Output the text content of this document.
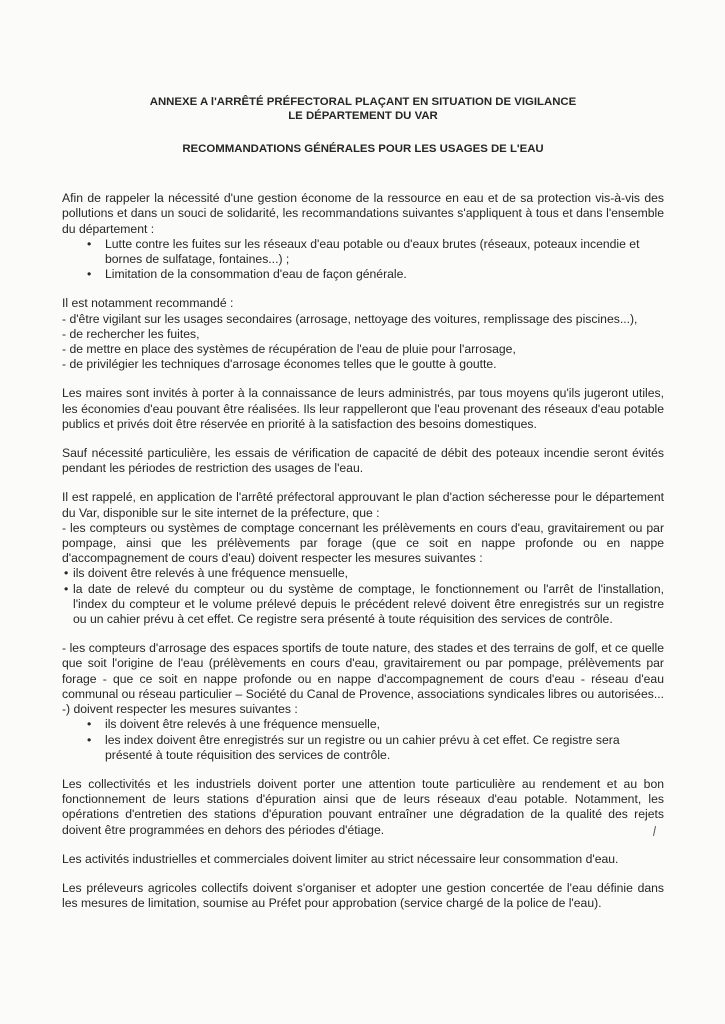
ANNEXE A l'ARRÊTÉ PRÉFECTORAL PLAÇANT EN SITUATION DE VIGILANCE

LE DÉPARTEMENT DU VAR

RECOMMANDATIONS GÉNÉRALES POUR LES USAGES DE L'EAU

Afin de rappeler la nécessité d'une gestion économe de la ressource en eau et de sa protection vis-à-vis des pollutions et dans un souci de solidarité, les recommandations suivantes s'appliquent à tous et dans l'ensemble du département :

• Lutte contre les fuites sur les réseaux d'eau potable ou d'eaux brutes (réseaux, poteaux incendie et bornes de sulfatage, fontaines...) ;
• Limitation de la consommation d'eau de façon générale.

Il est notamment recommandé :

- d'être vigilant sur les usages secondaires (arrosage, nettoyage des voitures, remplissage des piscines...),

- de rechercher les fuites,

- de mettre en place des systèmes de récupération de l'eau de pluie pour l'arrosage,

- de privilégier les techniques d'arrosage économes telles que le goutte à goutte.

Les maires sont invités à porter à la connaissance de leurs administrés, par tous moyens qu'ils jugeront utiles, les économies d'eau pouvant être réalisées. Ils leur rappelleront que l'eau provenant des réseaux d'eau potable publics et privés doit être réservée en priorité à la satisfaction des besoins domestiques.

Sauf nécessité particulière, les essais de vérification de capacité de débit des poteaux incendie seront évités pendant les périodes de restriction des usages de l'eau.

Il est rappelé, en application de l'arrêté préfectoral approuvant le plan d'action sécheresse pour le département du Var, disponible sur le site internet de la préfecture, que :

- les compteurs ou systèmes de comptage concernant les prélèvements en cours d'eau, gravitairement ou par pompage, ainsi que les prélèvements par forage (que ce soit en nappe profonde ou en nappe d'accompagnement de cours d'eau) doivent respecter les mesures suivantes :

• ils doivent être relevés à une fréquence mensuelle,
• la date de relevé du compteur ou du système de comptage, le fonctionnement ou l'arrêt de l'installation, l'index du compteur et le volume prélevé depuis le précédent relevé doivent être enregistrés sur un registre ou un cahier prévu à cet effet. Ce registre sera présenté à toute réquisition des services de contrôle.

- les compteurs d'arrosage des espaces sportifs de toute nature, des stades et des terrains de golf, et ce quelle que soit l'origine de l'eau (prélèvements en cours d'eau, gravitairement ou par pompage, prélèvements par forage - que ce soit en nappe profonde ou en nappe d'accompagnement de cours d'eau - réseau d'eau communal ou réseau particulier – Société du Canal de Provence, associations syndicales libres ou autorisées... -) doivent respecter les mesures suivantes :

• ils doivent être relevés à une fréquence mensuelle,
• les index doivent être enregistrés sur un registre ou un cahier prévu à cet effet. Ce registre sera présenté à toute réquisition des services de contrôle.

Les collectivités et les industriels doivent porter une attention toute particulière au rendement et au bon fonctionnement de leurs stations d'épuration ainsi que de leurs réseaux d'eau potable. Notamment, les opérations d'entretien des stations d'épuration pouvant entraîner une dégradation de la qualité des rejets doivent être programmées en dehors des périodes d'étiage.

Les activités industrielles et commerciales doivent limiter au strict nécessaire leur consommation d'eau.

Les préleveurs agricoles collectifs doivent s'organiser et adopter une gestion concertée de l'eau définie dans les mesures de limitation, soumise au Préfet pour approbation (service chargé de la police de l'eau).
